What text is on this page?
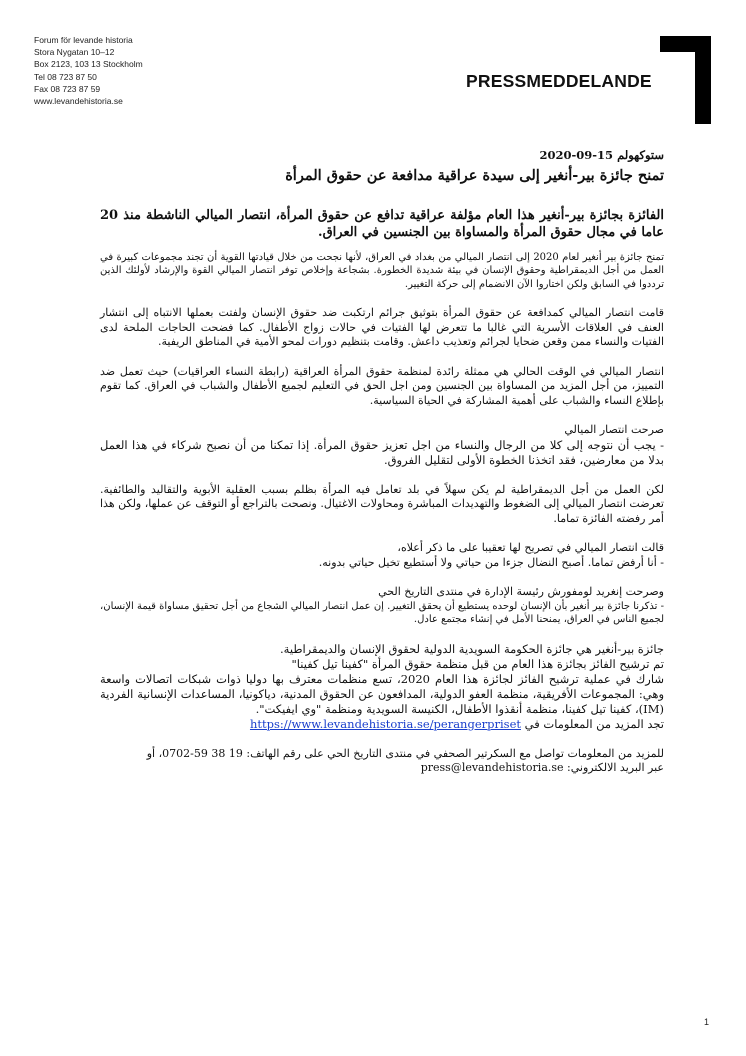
Forum för levande historia
Stora Nygatan 10–12
Box 2123, 103 13 Stockholm
Tel 08 723 87 50
Fax 08 723 87 59
www.levandehistoria.se
PRESSMEDDELANDE

ستوكهولم 15-09-2020

تمنح جائزة بير-أنغير إلى سيدة عراقية مدافعة عن حقوق المرأة

الفائزة بجائزة بير-أنغير هذا العام مؤلفة عراقية تدافع عن حقوق المرأة، انتصار الميالي الناشطة منذ 20 عاما في مجال حقوق المرأة والمساواة بين الجنسين في العراق.

تمنح جائزة بير أنغير لعام 2020 إلى انتصار الميالي من بغداد في العراق، لأنها نجحت من خلال قيادتها القوية أن تجند مجموعات كبيرة في العمل من أجل الديمقراطية وحقوق الإنسان في بيئة شديدة الخطورة. بشجاعة وإخلاص توفر انتصار الميالي القوة والإرشاد لأولئك الذين ترددوا في السابق ولكن اختاروا الآن الانضمام إلى حركة التغيير.

قامت انتصار الميالي كمدافعة عن حقوق المرأة بتوثيق جرائم ارتكبت ضد حقوق الإنسان ولفتت بعملها الانتباه إلى انتشار العنف في العلاقات الأسرية التي غالبا ما تتعرض لها الفتيات في حالات زواج الأطفال. كما فضحت الحاجات الملحة لدى الفتيات والنساء ممن وقعن ضحايا لجرائم وتعذيب داعش. وقامت بتنظيم دورات لمحو الأمية في المناطق الريفية.

انتصار الميالي في الوقت الحالي هي ممثلة رائدة لمنظمة حقوق المرأة العراقية (رابطة النساء العراقيات) حيث تعمل ضد التمييز، من أجل المزيد من المساواة بين الجنسين ومن اجل الحق في التعليم لجميع الأطفال والشباب في العراق. كما تقوم بإطلاع النساء والشباب على أهمية المشاركة في الحياة السياسية.

صرحت انتصار الميالي

- يجب أن نتوجه إلى كلا من الرجال والنساء من اجل تعزيز حقوق المرأة. إذا تمكنا من أن نصبح شركاء في هذا العمل بدلا من معارضين، فقد اتخذنا الخطوة الأولى لتقليل الفروق.

لكن العمل من أجل الديمقراطية لم يكن سهلاً في بلد تعامل فيه المرأة بظلم بسبب العقلية الأبوية والتقاليد والطائفية. تعرضت انتصار الميالي إلى الضغوط والتهديدات المباشرة ومحاولات الاغتيال. ونصحت بالتراجع أو التوقف عن عملها، ولكن هذا أمر رفضته الفائزة تماما.

قالت انتصار الميالي في تصريح لها تعقيبا على ما ذكر أعلاه،

- أنا أرفض تماما. أصبح النضال جزءا من حياتي ولا أستطيع تخيل حياتي بدونه.

وصرحت إنغريد لومفورش رئيسة الإدارة في منتدى التاريخ الحي

- تذكرنا جائزة بير أنغير بأن الإنسان لوحده يستطيع أن يحقق التغيير. إن عمل انتصار الميالي الشجاع من أجل تحقيق مساواة قيمة الإنسان، لجميع الناس في العراق، يمنحنا الأمل في إنشاء مجتمع عادل.

جائزة بير-أنغير هي جائزة الحكومة السويدية الدولية لحقوق الإنسان والديمقراطية.

تم ترشيح الفائز بجائزة هذا العام من قبل منظمة حقوق المرأة "كفينا تيل كفينا"

شارك في عملية ترشيح الفائز لجائزة هذا العام 2020، تسع منظمات معترف بها دوليا ذوات شبكات اتصالات واسعة وهي: المجموعات الأفريقية، منظمة العفو الدولية، المدافعون عن الحقوق المدنية، دياكونيا، المساعدات الإنسانية الفردية (IM)، كفينا تيل كفينا، منظمة أنقذوا الأطفال، الكنيسة السويدية ومنظمة "وي ايفيكت".

تجد المزيد من المعلومات في https://www.levandehistoria.se/perangerpriset

للمزيد من المعلومات تواصل مع السكرتير الصحفي في منتدى التاريخ الحي على رقم الهاتف: 19 38 59-0702، أو

عبر البريد الالكتروني: press@levandehistoria.se

1
